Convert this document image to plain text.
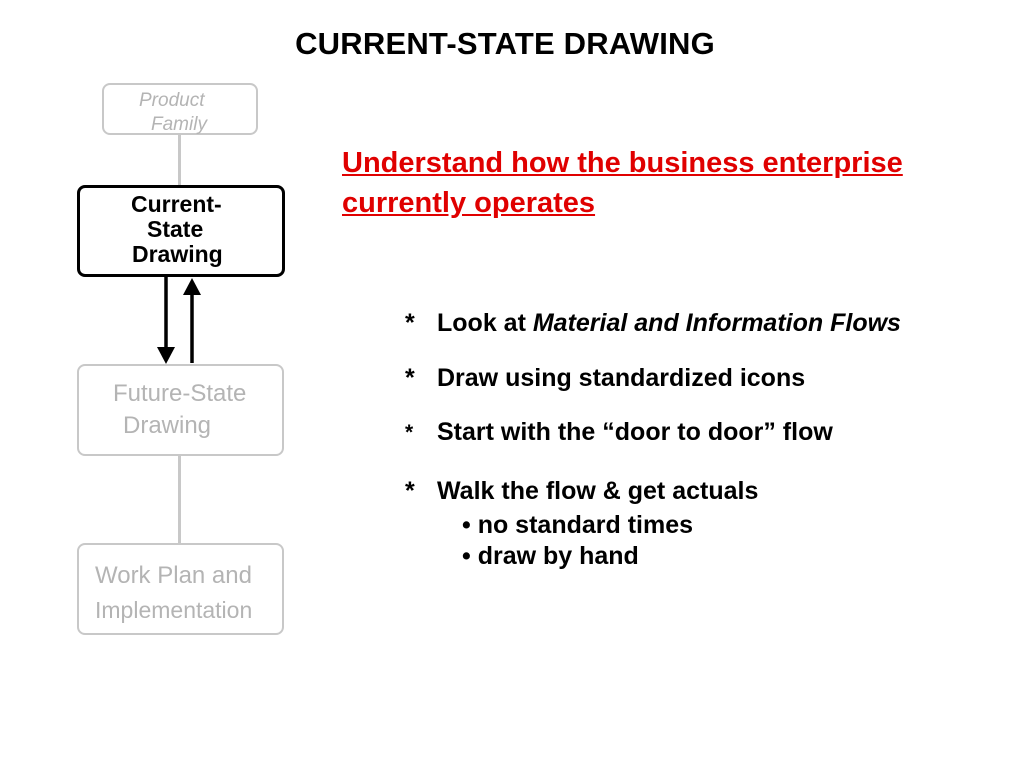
CURRENT-STATE DRAWING
Product
Family
Current-
State
Drawing
Future-State
Drawing
Work Plan and
Implementation
Understand how the business enterprise
currently operates
* Look at Material and Information Flows
* Draw using standardized icons
* Start with the “door to door” flow
* Walk the flow & get actuals
• no standard times
• draw by hand
